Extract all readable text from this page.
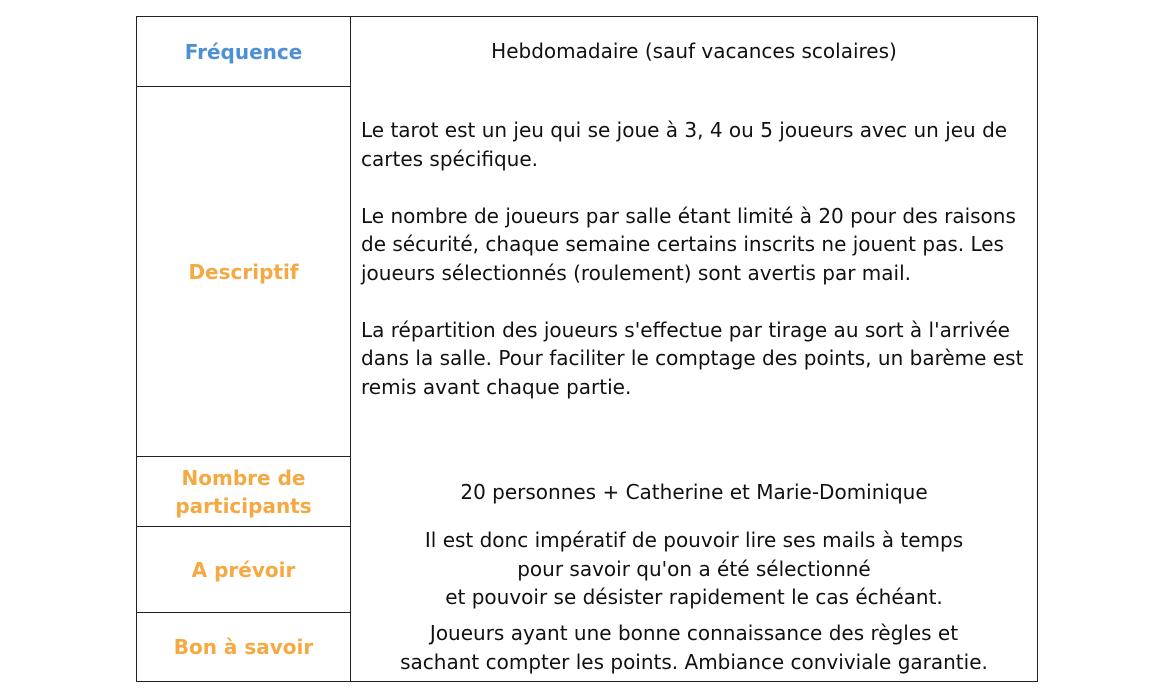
Fréquence	Hebdomadaire (sauf vacances scolaires)
Descriptif

Le tarot est un jeu qui se joue à 3, 4 ou 5 joueurs avec un jeu de cartes spécifique.

Le nombre de joueurs par salle étant limité à 20 pour des raisons de sécurité, chaque semaine certains inscrits ne jouent pas. Les joueurs sélectionnés (roulement) sont avertis par mail.

La répartition des joueurs s'effectue par tirage au sort à l'arrivée dans la salle. Pour faciliter le comptage des points, un barème est remis avant chaque partie.

Nombre de
participants
20 personnes + Catherine et Marie-Dominique
A prévoir
Il est donc impératif de pouvoir lire ses mails à temps
pour savoir qu'on a été sélectionné
et pouvoir se désister rapidement le cas échéant.
Bon à savoir
Joueurs ayant une bonne connaissance des règles et
sachant compter les points. Ambiance conviviale garantie.
